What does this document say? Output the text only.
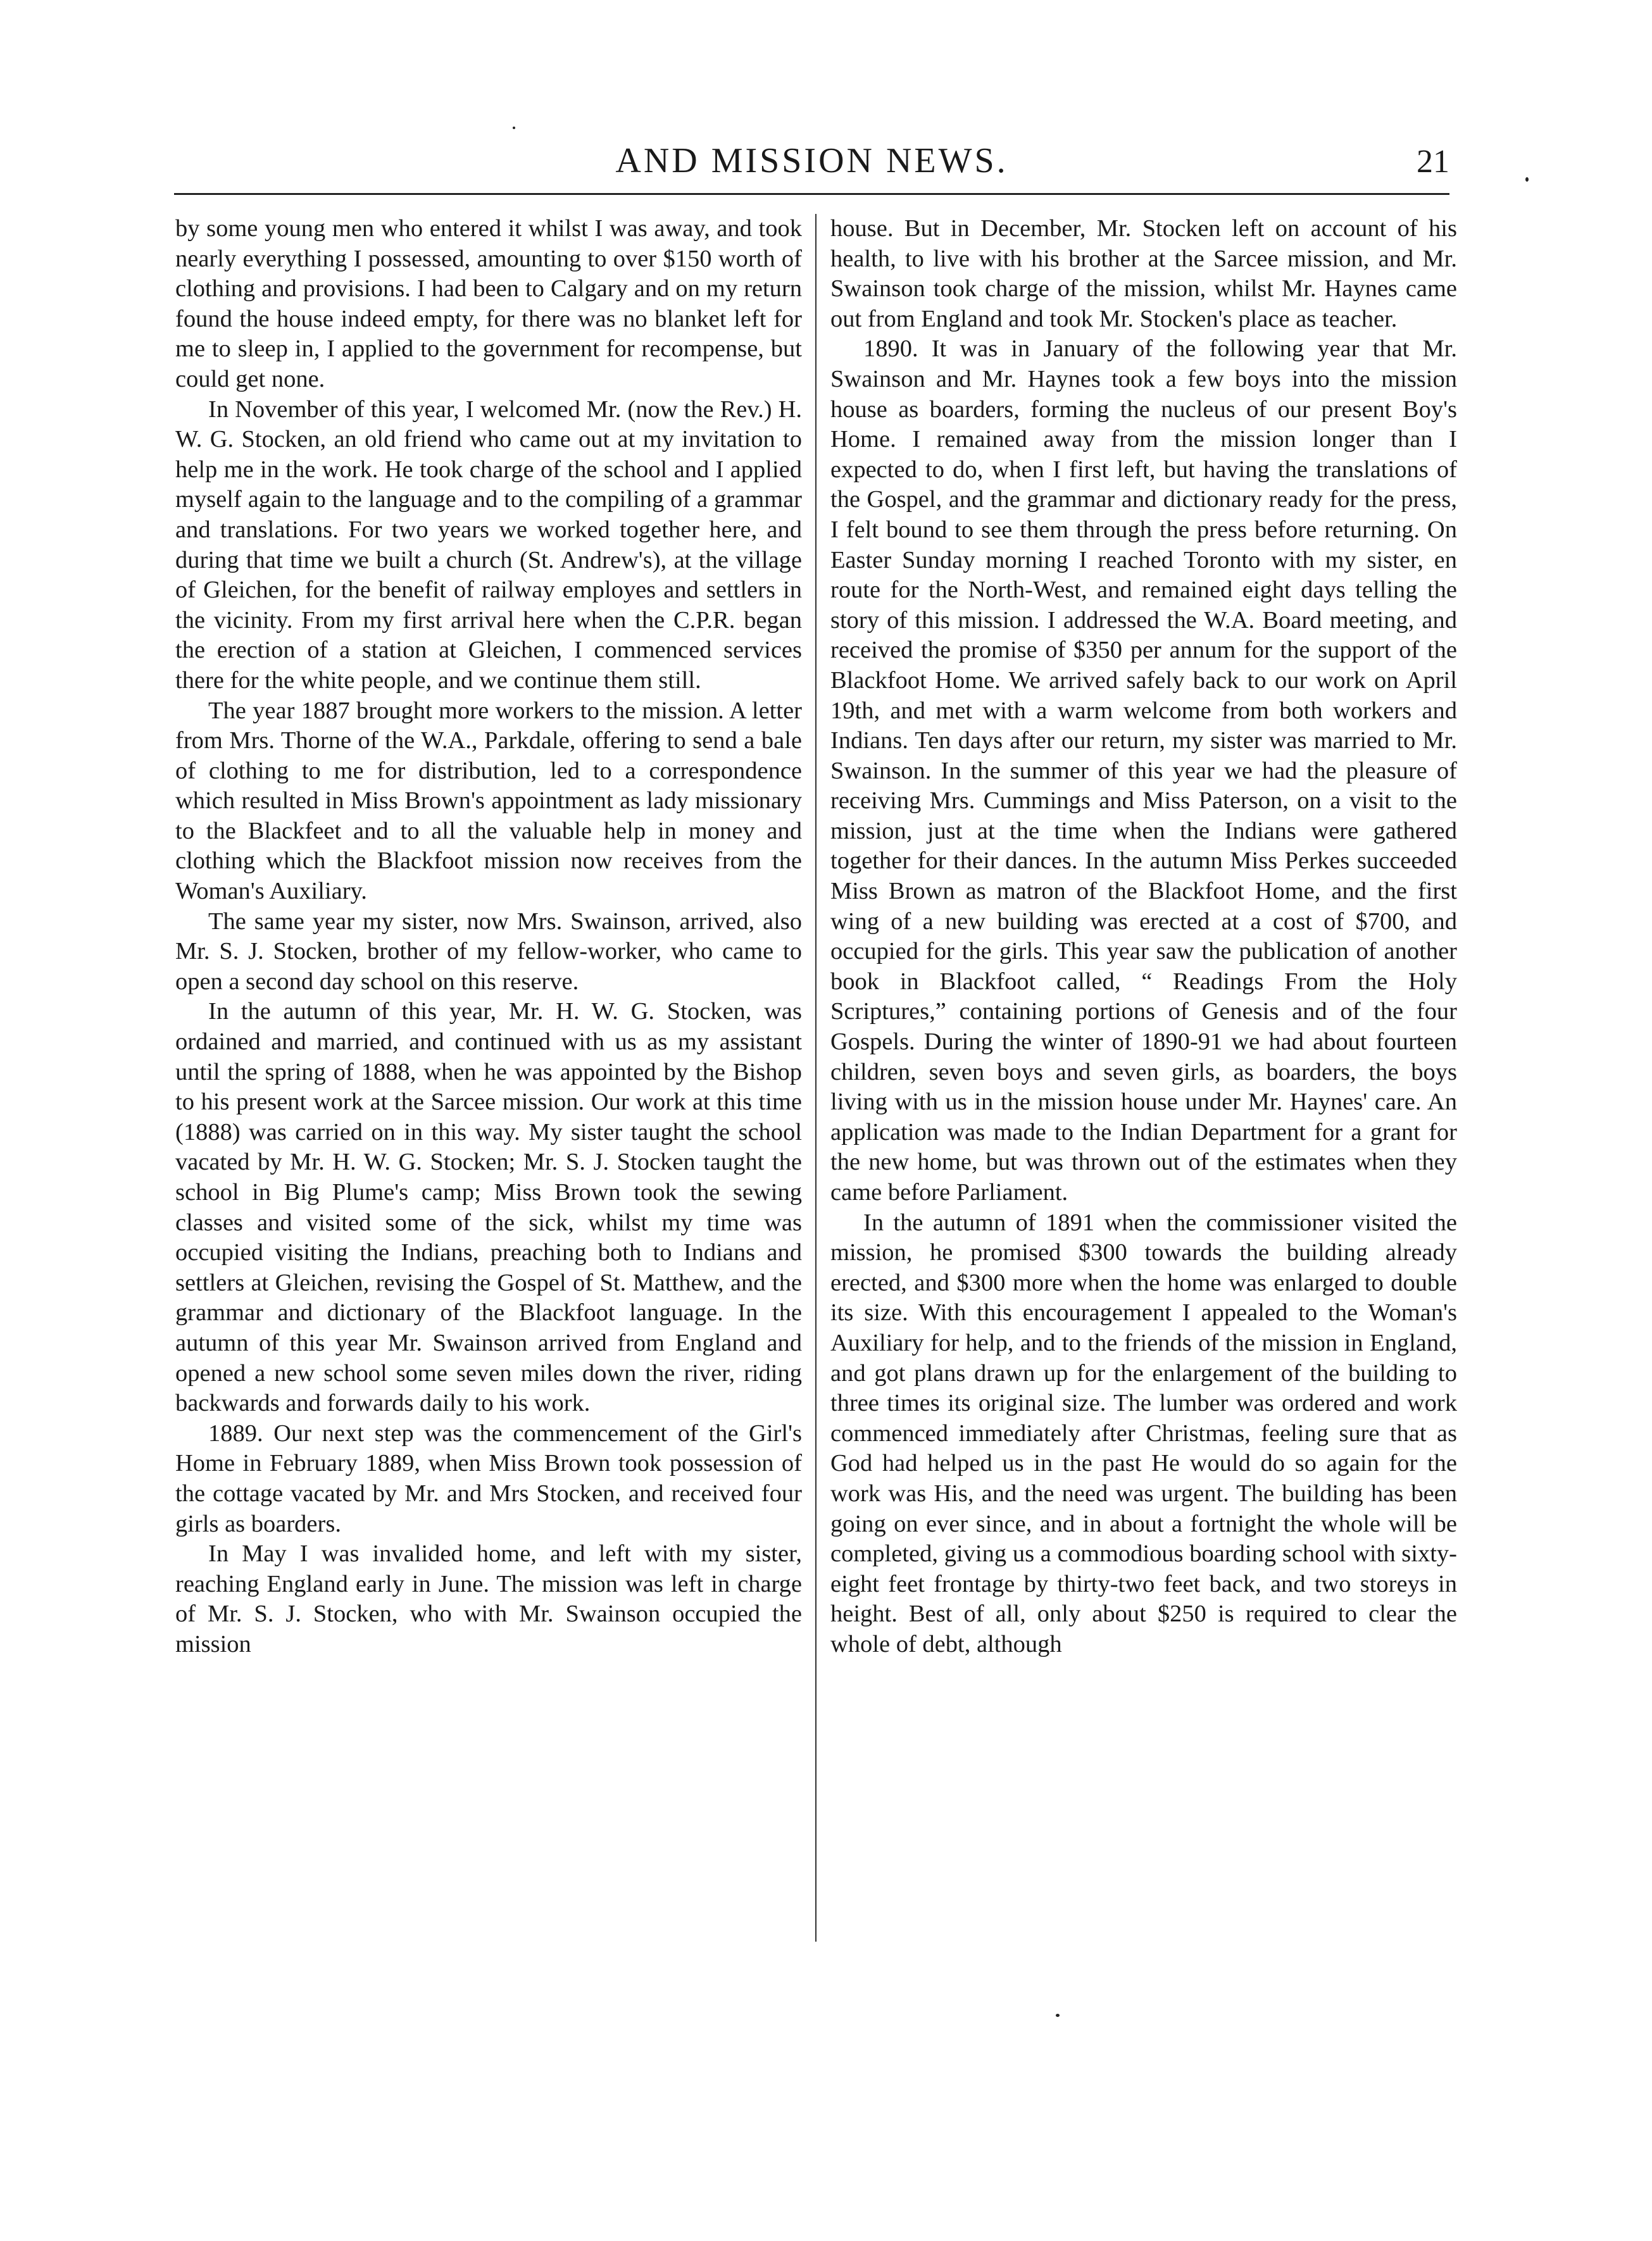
AND MISSION NEWS.	21

by some young men who entered it whilst I was away, and took nearly everything I possessed, amounting to over $150 worth of clothing and provisions. I had been to Calgary and on my return found the house indeed empty, for there was no blanket left for me to sleep in, I applied to the government for recompense, but could get none.

In November of this year, I welcomed Mr. (now the Rev.) H. W. G. Stocken, an old friend who came out at my invitation to help me in the work. He took charge of the school and I applied myself again to the language and to the compiling of a grammar and translations. For two years we worked together here, and during that time we built a church (St. Andrew's), at the village of Gleichen, for the benefit of railway employes and settlers in the vicinity. From my first arrival here when the C.P.R. began the erection of a station at Gleichen, I commenced services there for the white people, and we continue them still.

The year 1887 brought more workers to the mission. A letter from Mrs. Thorne of the W.A., Parkdale, offering to send a bale of clothing to me for distribution, led to a correspondence which resulted in Miss Brown's appointment as lady missionary to the Blackfeet and to all the valuable help in money and clothing which the Blackfoot mission now receives from the Woman's Auxiliary.

The same year my sister, now Mrs. Swainson, arrived, also Mr. S. J. Stocken, brother of my fellow-worker, who came to open a second day school on this reserve.

In the autumn of this year, Mr. H. W. G. Stocken, was ordained and married, and continued with us as my assistant until the spring of 1888, when he was appointed by the Bishop to his present work at the Sarcee mission. Our work at this time (1888) was carried on in this way. My sister taught the school vacated by Mr. H. W. G. Stocken; Mr. S. J. Stocken taught the school in Big Plume's camp; Miss Brown took the sewing classes and visited some of the sick, whilst my time was occupied visiting the Indians, preaching both to Indians and settlers at Gleichen, revising the Gospel of St. Matthew, and the grammar and dictionary of the Blackfoot language. In the autumn of this year Mr. Swainson arrived from England and opened a new school some seven miles down the river, riding backwards and forwards daily to his work.

1889. Our next step was the commencement of the Girl's Home in February 1889, when Miss Brown took possession of the cottage vacated by Mr. and Mrs Stocken, and received four girls as boarders.

In May I was invalided home, and left with my sister, reaching England early in June. The mission was left in charge of Mr. S. J. Stocken, who with Mr. Swainson occupied the mission

house. But in December, Mr. Stocken left on account of his health, to live with his brother at the Sarcee mission, and Mr. Swainson took charge of the mission, whilst Mr. Haynes came out from England and took Mr. Stocken's place as teacher.

1890. It was in January of the following year that Mr. Swainson and Mr. Haynes took a few boys into the mission house as boarders, forming the nucleus of our present Boy's Home. I remained away from the mission longer than I expected to do, when I first left, but having the translations of the Gospel, and the grammar and dictionary ready for the press, I felt bound to see them through the press before returning. On Easter Sunday morning I reached Toronto with my sister, en route for the North-West, and remained eight days telling the story of this mission. I addressed the W.A. Board meeting, and received the promise of $350 per annum for the support of the Blackfoot Home. We arrived safely back to our work on April 19th, and met with a warm welcome from both workers and Indians. Ten days after our return, my sister was married to Mr. Swainson. In the summer of this year we had the pleasure of receiving Mrs. Cummings and Miss Paterson, on a visit to the mission, just at the time when the Indians were gathered together for their dances. In the autumn Miss Perkes succeeded Miss Brown as matron of the Blackfoot Home, and the first wing of a new building was erected at a cost of $700, and occupied for the girls. This year saw the publication of another book in Blackfoot called, “ Readings From the Holy Scriptures,” containing portions of Genesis and of the four Gospels. During the winter of 1890-91 we had about fourteen children, seven boys and seven girls, as boarders, the boys living with us in the mission house under Mr. Haynes' care. An application was made to the Indian Department for a grant for the new home, but was thrown out of the estimates when they came before Parliament.

In the autumn of 1891 when the commissioner visited the mission, he promised $300 towards the building already erected, and $300 more when the home was enlarged to double its size. With this encouragement I appealed to the Woman's Auxiliary for help, and to the friends of the mission in England, and got plans drawn up for the enlargement of the building to three times its original size. The lumber was ordered and work commenced immediately after Christmas, feeling sure that as God had helped us in the past He would do so again for the work was His, and the need was urgent. The building has been going on ever since, and in about a fortnight the whole will be completed, giving us a commodious boarding school with sixty-eight feet frontage by thirty-two feet back, and two storeys in height. Best of all, only about $250 is required to clear the whole of debt, although
